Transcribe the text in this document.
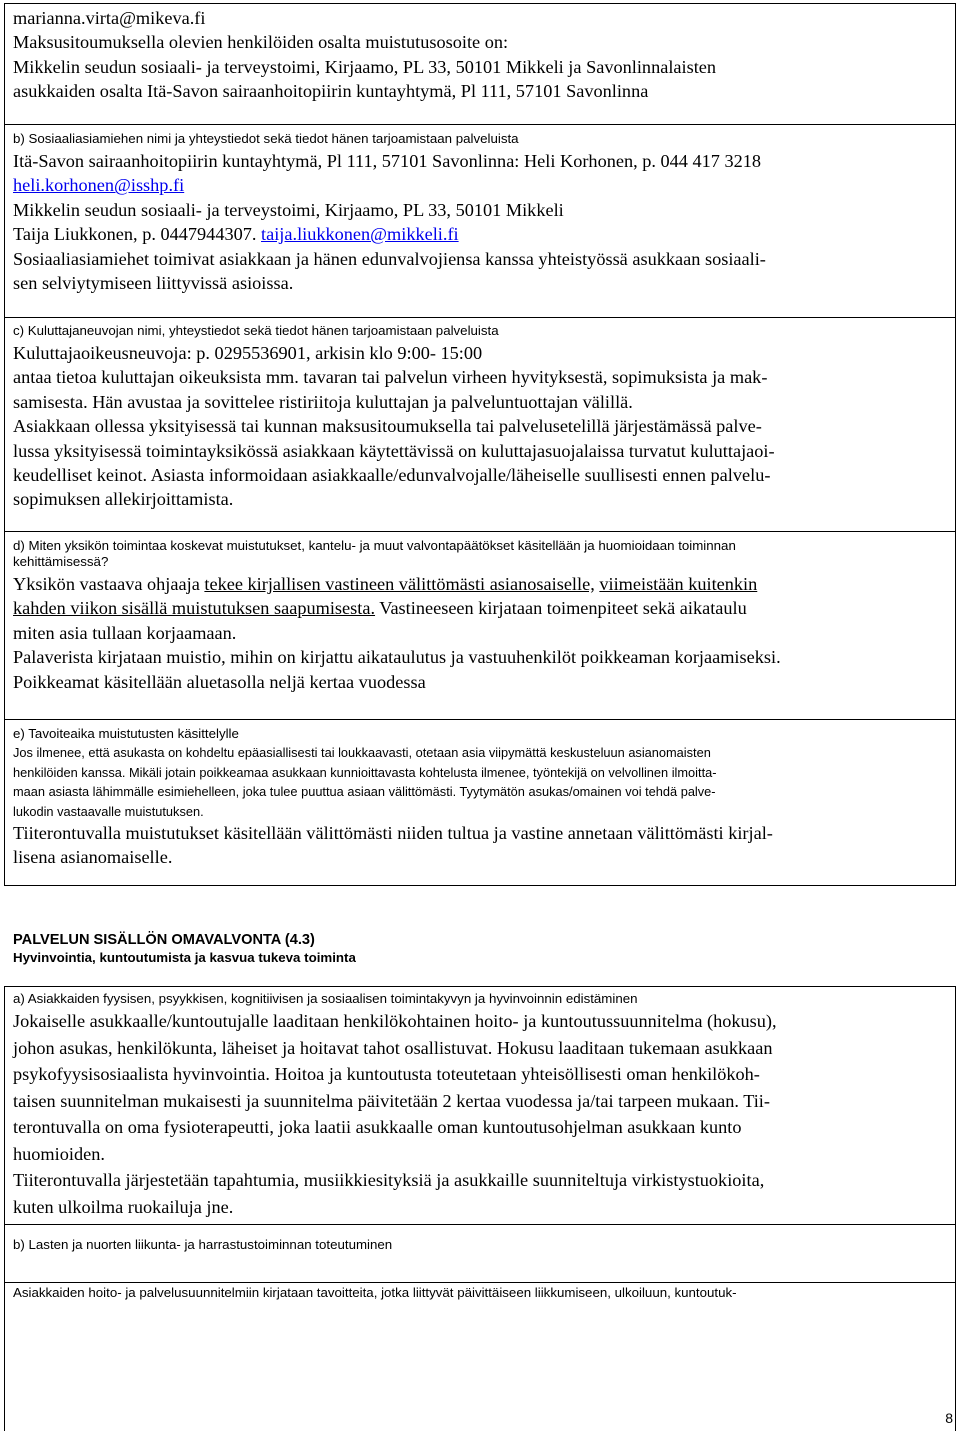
marianna.virta@mikeva.fi
Maksusitoumuksella olevien henkilöiden osalta muistutusosoite on:
Mikkelin seudun sosiaali- ja terveystoimi, Kirjaamo, PL 33, 50101 Mikkeli ja Savonlinnalaisten
asukkaiden osalta Itä-Savon sairaanhoitopiirin kuntayhtymä, Pl 111, 57101 Savonlinna
b) Sosiaaliasiamiehen nimi ja yhteystiedot sekä tiedot hänen tarjoamistaan palveluista
Itä-Savon sairaanhoitopiirin kuntayhtymä, Pl 111, 57101 Savonlinna: Heli Korhonen, p. 044 417 3218
heli.korhonen@isshp.fi
Mikkelin seudun sosiaali- ja terveystoimi, Kirjaamo, PL 33, 50101 Mikkeli
Taija Liukkonen, p. 0447944307. taija.liukkonen@mikkeli.fi
Sosiaaliasiamiehet toimivat asiakkaan ja hänen edunvalvojiensa kanssa yhteistyössä asukkaan sosiaali-
sen selviytymiseen liittyvissä asioissa.
c) Kuluttajaneuvojan nimi, yhteystiedot sekä tiedot hänen tarjoamistaan palveluista
Kuluttajaoikeusneuvoja: p. 0295536901, arkisin klo 9:00- 15:00
antaa tietoa kuluttajan oikeuksista mm. tavaran tai palvelun virheen hyvityksestä, sopimuksista ja mak-
samisesta. Hän avustaa ja sovittelee ristiriitoja kuluttajan ja palveluntuottajan välillä.
Asiakkaan ollessa yksityisessä tai kunnan maksusitoumuksella tai palvelusetelillä järjestämässä palve-
lussa yksityisessä toimintayksikössä asiakkaan käytettävissä on kuluttajasuojalaissa turvatut kuluttajaoi-
keudelliset keinot. Asiasta informoidaan asiakkaalle/edunvalvojalle/läheiselle suullisesti ennen palvelu-
sopimuksen allekirjoittamista.
d) Miten yksikön toimintaa koskevat muistutukset, kantelu- ja muut valvontapäätökset käsitellään ja huomioidaan toiminnan
kehittämisessä?
Yksikön vastaava ohjaaja tekee kirjallisen vastineen välittömästi asianosaiselle, viimeistään kuitenkin
kahden viikon sisällä muistutuksen saapumisesta. Vastineeseen kirjataan toimenpiteet sekä aikataulu
miten asia tullaan korjaamaan.
Palaverista kirjataan muistio, mihin on kirjattu aikataulutus ja vastuuhenkilöt poikkeaman korjaamiseksi.
Poikkeamat käsitellään aluetasolla neljä kertaa vuodessa
e) Tavoiteaika muistutusten käsittelylle
Jos ilmenee, että asukasta on kohdeltu epäasiallisesti tai loukkaavasti, otetaan asia viipymättä keskusteluun asianomaisten
henkilöiden kanssa. Mikäli jotain poikkeamaa asukkaan kunnioittavasta kohtelusta ilmenee, työntekijä on velvollinen ilmoitta-
maan asiasta lähimmälle esimiehelleen, joka tulee puuttua asiaan välittömästi. Tyytymätön asukas/omainen voi tehdä palve-
lukodin vastaavalle muistutuksen.
Tiiterontuvalla muistutukset käsitellään välittömästi niiden tultua ja vastine annetaan välittömästi kirjal-
lisena asianomaiselle.
PALVELUN SISÄLLÖN OMAVALVONTA (4.3)
Hyvinvointia, kuntoutumista ja kasvua tukeva toiminta
a) Asiakkaiden fyysisen, psyykkisen, kognitiivisen ja sosiaalisen toimintakyvyn ja hyvinvoinnin edistäminen
Jokaiselle asukkaalle/kuntoutujalle laaditaan henkilökohtainen hoito- ja kuntoutussuunnitelma (hokusu),
johon asukas, henkilökunta, läheiset ja hoitavat tahot osallistuvat. Hokusu laaditaan tukemaan asukkaan
psykofyysisosiaalista hyvinvointia. Hoitoa ja kuntoutusta toteutetaan yhteisöllisesti oman henkilökoh-
taisen suunnitelman mukaisesti ja suunnitelma päivitetään 2 kertaa vuodessa ja/tai tarpeen mukaan. Tii-
terontuvalla on oma fysioterapeutti, joka laatii asukkaalle oman kuntoutusohjelman asukkaan kunto
huomioiden.
Tiiterontuvalla järjestetään tapahtumia, musiikkiesityksiä ja asukkaille suunniteltuja virkistystuokioita,
kuten ulkoilma ruokailuja jne.
b) Lasten ja nuorten liikunta- ja harrastustoiminnan toteutuminen
Asiakkaiden hoito- ja palvelusuunnitelmiin kirjataan tavoitteita, jotka liittyvät päivittäiseen liikkumiseen, ulkoiluun, kuntoutuk-
8
